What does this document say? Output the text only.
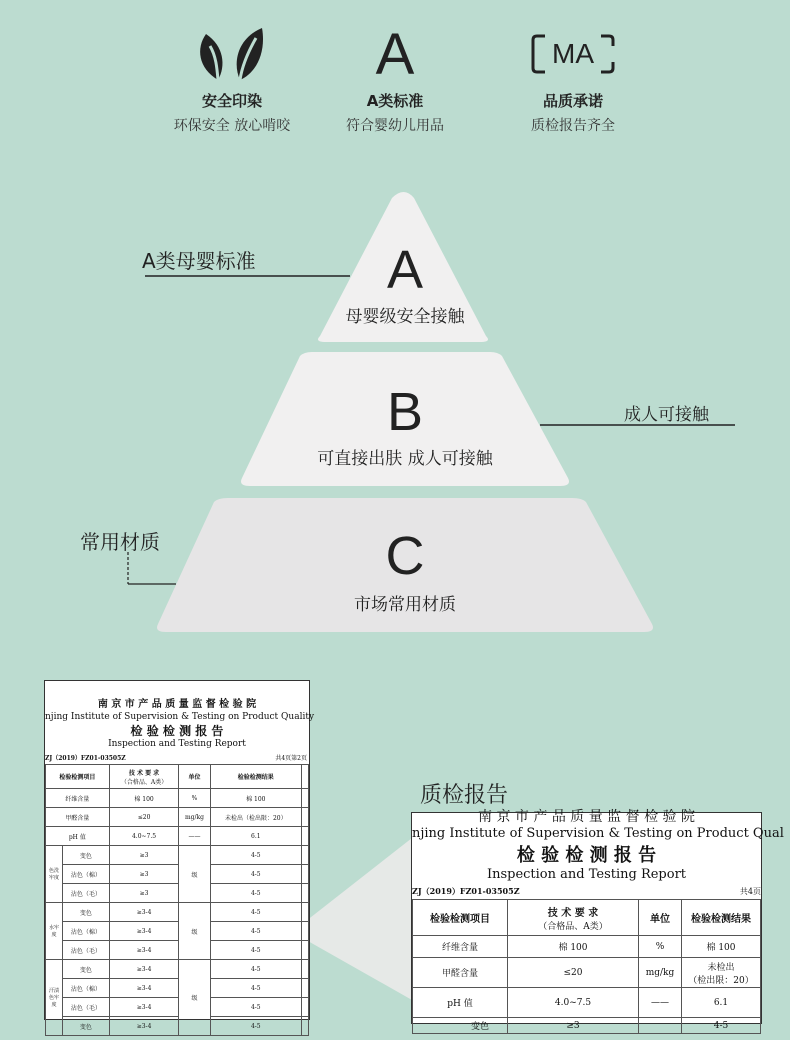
安全印染
环保安全 放心啃咬
A
A类标准
符合婴幼儿用品
MA
品质承诺
质检报告齐全
A
母婴级安全接触
A类母婴标准
B
可直接出肤 成人可接触
成人可接触
C
市场常用材质
常用材质
南 京 市 产 品 质 量 监 督 检 验 院
njing Institute of Supervision & Testing on Product Quality
检 验 检 测 报 告
Inspection and Testing Report
ZJ（2019）FZ01-03505Z	共4页第2页
检验检测项目		技 术 要 求
（合格品、A类）	单位	检验检测结果	
纤维含量		棉 100	%	棉 100	
甲醛含量		≤20	mg/kg	未检出（检出限：20）	
pH 值		4.0~7.5	——	6.1	
色洗牢度	变色	≥3	级	4-5	
	沾色（棉）	≥3		4-5	
	沾色（毛）	≥3		4-5	
水牢度	变色	≥3-4	级	4-5	
	沾色（棉）	≥3-4		4-5	
	沾色（毛）	≥3-4		4-5	
汗渍色牢度	变色	≥3-4	级	4-5	
	沾色（棉）	≥3-4		4-5	
	沾色（毛）	≥3-4		4-5	
	变色	≥3-4		4-5	
质检报告
南 京 市 产 品 质 量 监 督 检 验 院
njing Institute of Supervision & Testing on Product Qual
检 验 检 测 报 告
Inspection and Testing Report
ZJ（2019）FZ01-03505Z	共4页
检验检测项目	技 术 要 求
（合格品、A类）	单位	检验检测结果
纤维含量	棉 100	%	棉 100
甲醛含量	≤20	mg/kg	未检出
（检出限：20）

pH 值	4.0~7.5	——	6.1
变色	≥3		4-5
